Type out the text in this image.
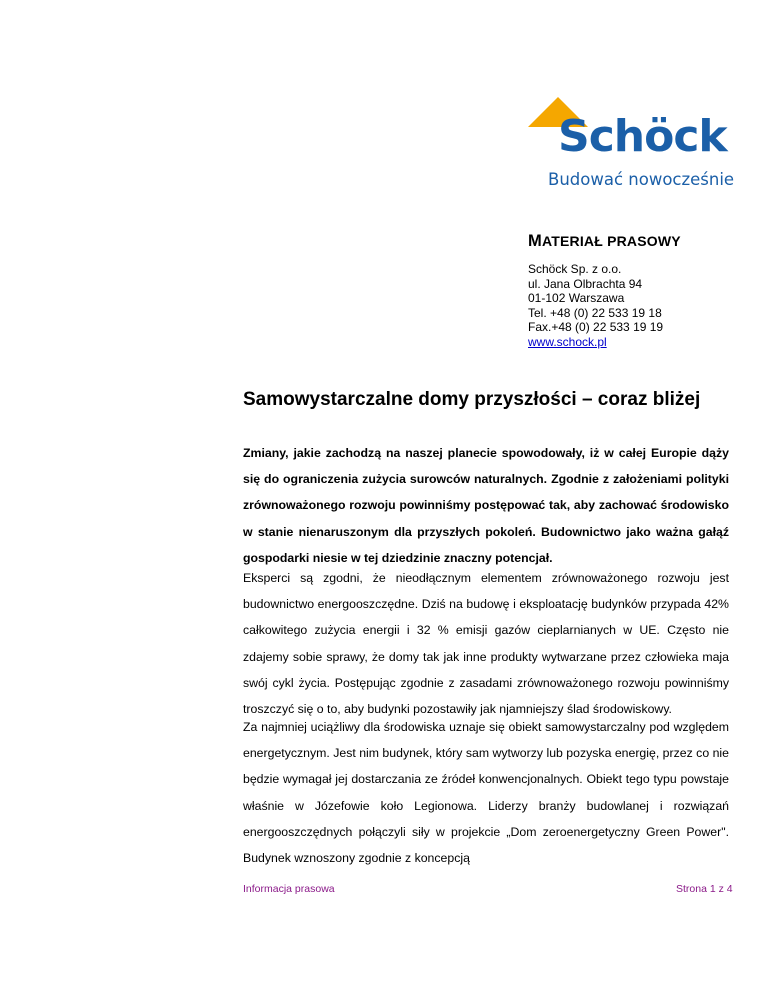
Schöck
Budować nowocześnie
MATERIAŁ PRASOWY
Schöck Sp. z o.o.
ul. Jana Olbrachta 94
01-102 Warszawa
Tel. +48 (0) 22 533 19 18
Fax.+48 (0) 22 533 19 19
www.schock.pl
Samowystarczalne domy przyszłości – coraz bliżej

Zmiany, jakie zachodzą na naszej planecie spowodowały, iż w całej Europie dąży się do ograniczenia zużycia surowców naturalnych. Zgodnie z założeniami polityki zrównoważonego rozwoju powinniśmy postępować tak, aby zachować środowisko w stanie nienaruszonym dla przyszłych pokoleń. Budownictwo jako ważna gałąź gospodarki niesie w tej dziedzinie znaczny potencjał.

Eksperci są zgodni, że nieodłącznym elementem zrównoważonego rozwoju jest budownictwo energooszczędne. Dziś na budowę i eksploatację budynków przypada 42% całkowitego zużycia energii i 32 % emisji gazów cieplarnianych w UE. Często nie zdajemy sobie sprawy, że domy tak jak inne produkty wytwarzane przez człowieka maja swój cykl życia. Postępując zgodnie z zasadami zrównoważonego rozwoju powinniśmy troszczyć się o to, aby budynki pozostawiły jak njamniejszy ślad środowiskowy.

Za najmniej uciążliwy dla środowiska uznaje się obiekt samowystarczalny pod względem energetycznym. Jest nim budynek, który sam wytworzy lub pozyska energię, przez co nie będzie wymagał jej dostarczania ze źródeł konwencjonalnych. Obiekt tego typu powstaje właśnie w Józefowie koło Legionowa. Liderzy branży budowlanej i rozwiązań energooszczędnych połączyli siły w projekcie „Dom zeroenergetyczny Green Power". Budynek wznoszony zgodnie z koncepcją

Informacja prasowa	Strona 1 z 4
